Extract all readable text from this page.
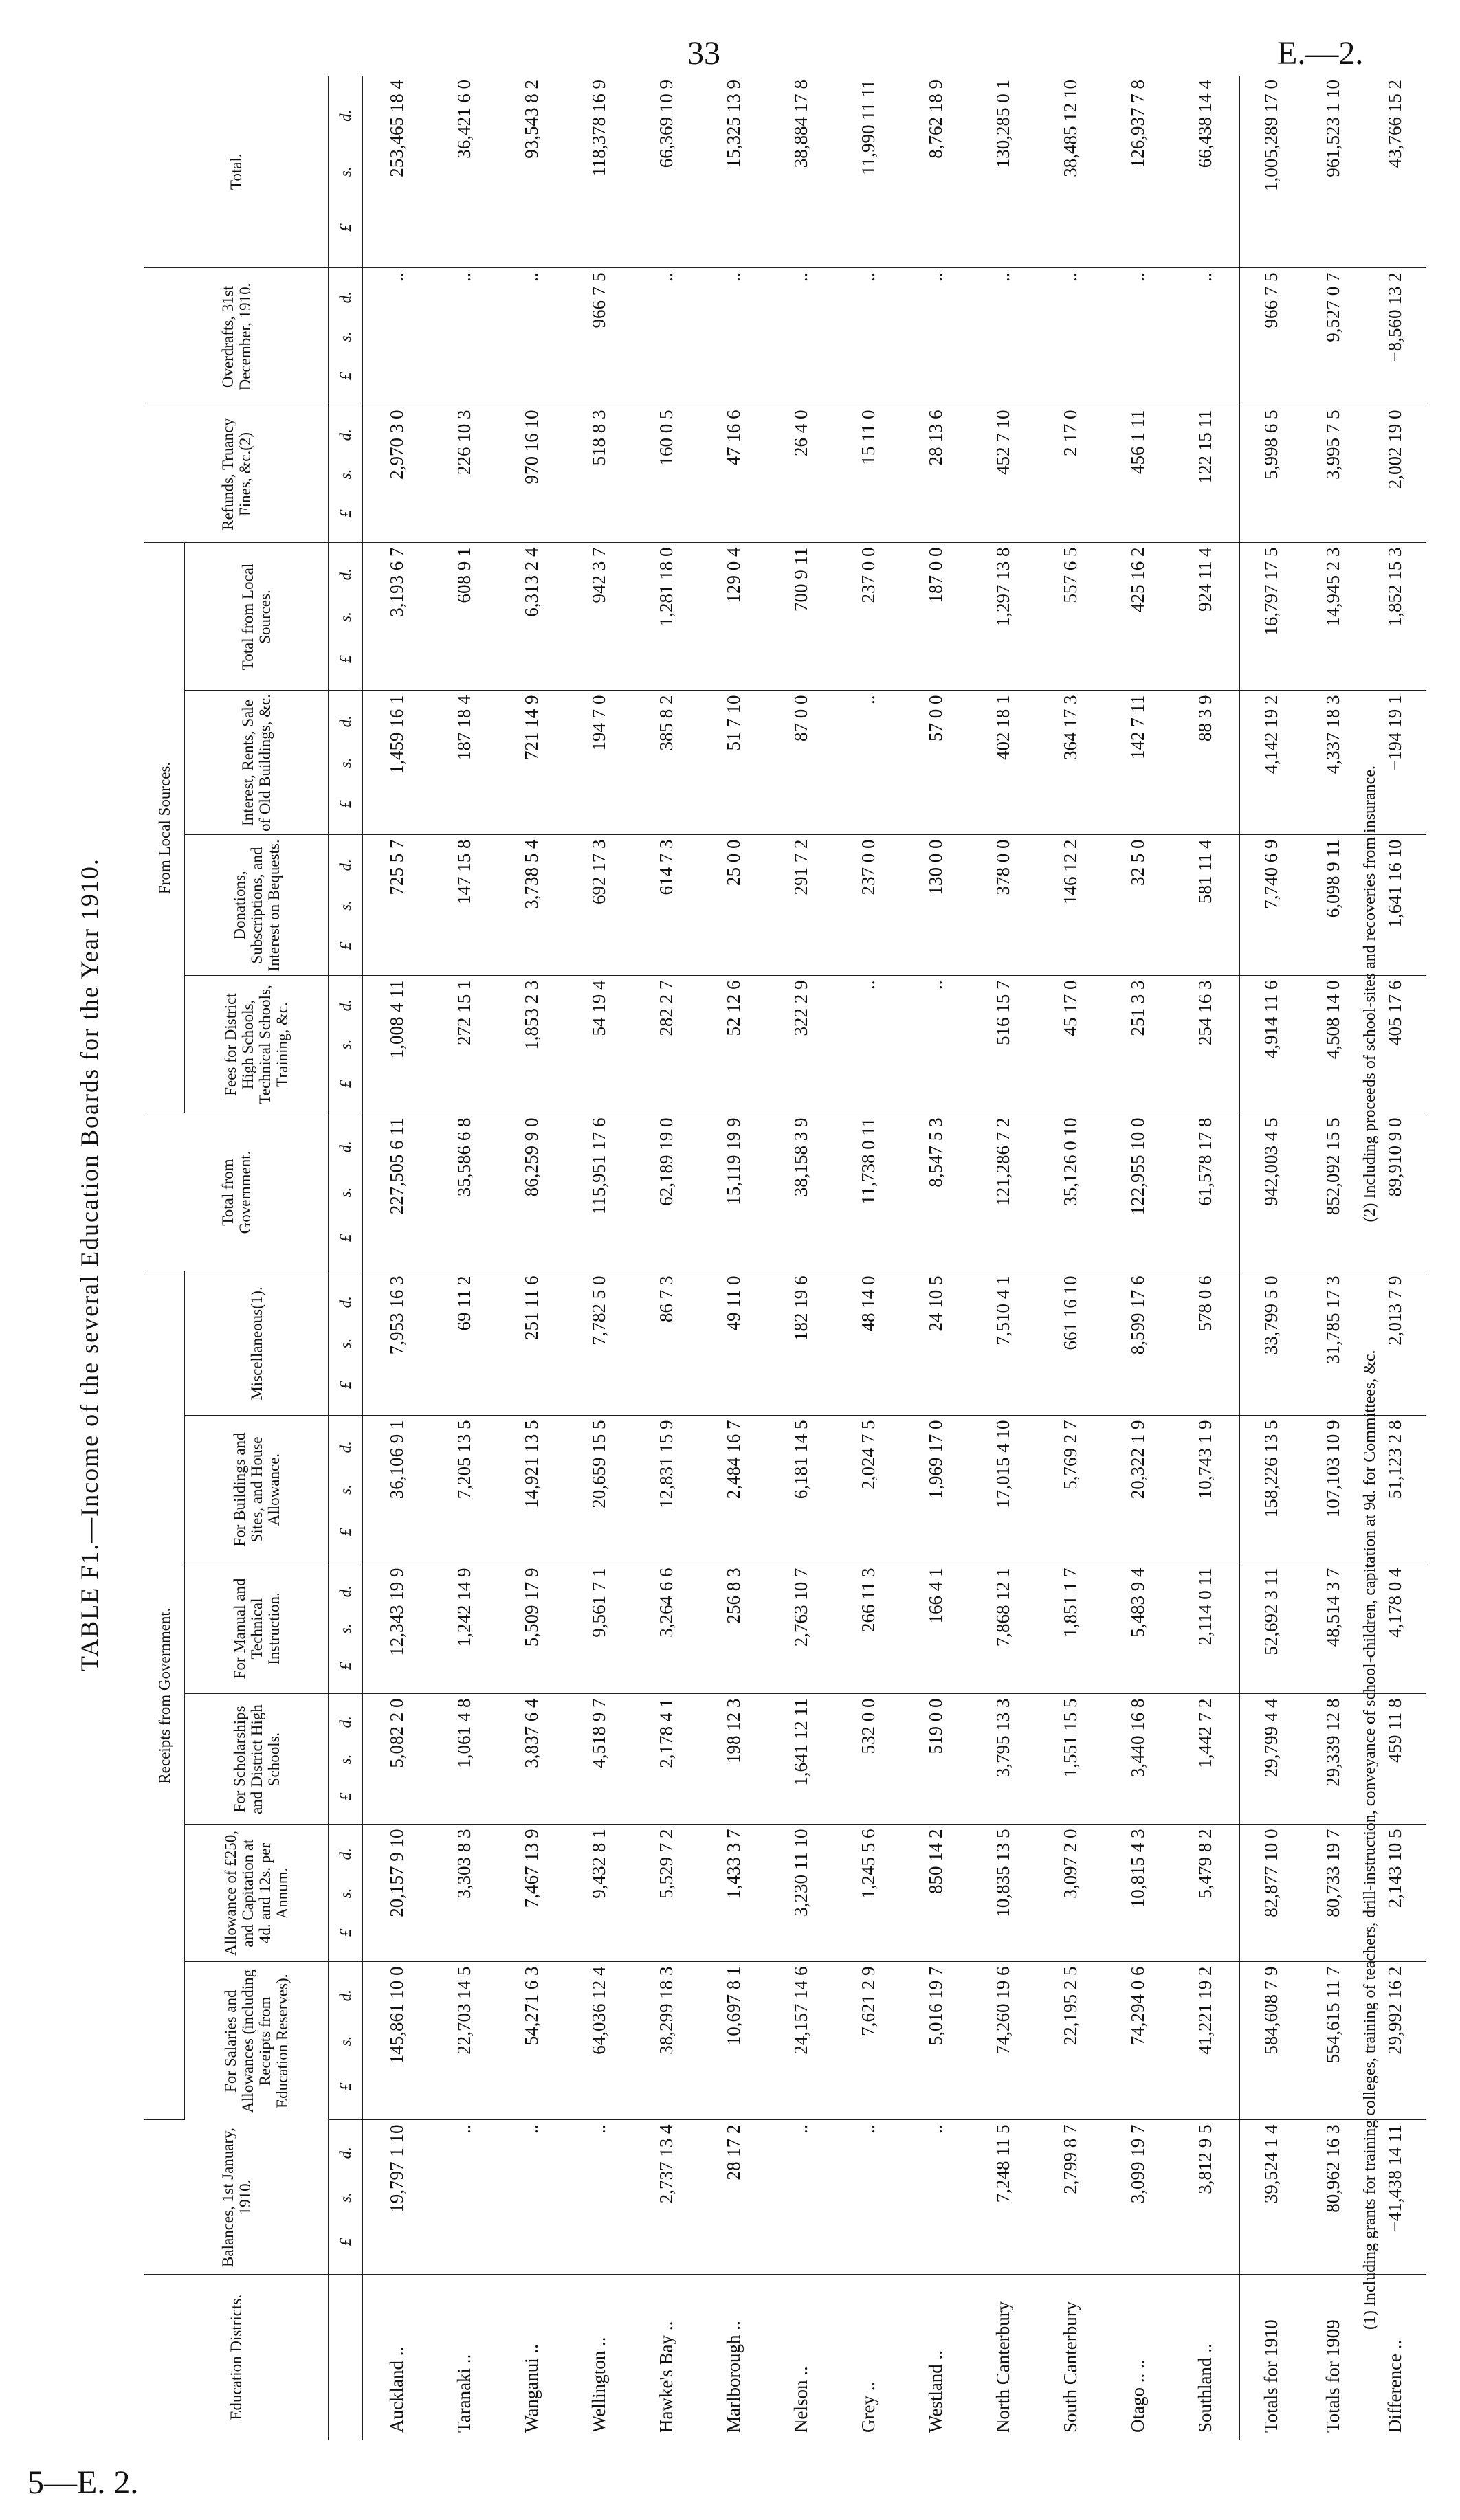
33	E.—2.
5—E. 2.
TABLE F1.—Income of the several Education Boards for the Year 1910.
Education Districts.	Balances, 1st January, 1910.	Receipts from Government.						Total from Government.	From Local Sources.				Refunds, Truancy Fines, &c.(2)	Overdrafts, 31st December, 1910.	Total.
		For Salaries and Allowances (including Receipts from Education Reserves).	Allowance of £250, and Capitation at 4d. and 12s. per Annum.	For Scholarships and District High Schools.	For Manual and Technical Instruction.	For Buildings and Sites, and House Allowance.	Miscellaneous(1).		Fees for District High Schools, Technical Schools, Training, &c.	Donations, Subscriptions, and Interest on Bequests.	Interest, Rents, Sale of Old Buildings, &c.	Total from Local Sources.			
	£s.d.	£s.d.	£s.d.	£s.d.	£s.d.	£s.d.	£s.d.	£s.d.	£s.d.	£s.d.	£s.d.	£s.d.	£s.d.	£s.d.	£s.d.
Auckland ..	19,797 1 10	145,861 10 0	20,157 9 10	5,082 2 0	12,343 19 9	36,106 9 1	7,953 16 3	227,505 6 11	1,008 4 11	725 5 7	1,459 16 1	3,193 6 7	2,970 3 0	..	253,465 18 4
Taranaki ..	..	22,703 14 5	3,303 8 3	1,061 4 8	1,242 14 9	7,205 13 5	69 11 2	35,586 6 8	272 15 1	147 15 8	187 18 4	608 9 1	226 10 3	..	36,421 6 0
Wanganui ..	..	54,271 6 3	7,467 13 9	3,837 6 4	5,509 17 9	14,921 13 5	251 11 6	86,259 9 0	1,853 2 3	3,738 5 4	721 14 9	6,313 2 4	970 16 10	..	93,543 8 2
Wellington ..	..	64,036 12 4	9,432 8 1	4,518 9 7	9,561 7 1	20,659 15 5	7,782 5 0	115,951 17 6	54 19 4	692 17 3	194 7 0	942 3 7	518 8 3	966 7 5	118,378 16 9
Hawke's Bay ..	2,737 13 4	38,299 18 3	5,529 7 2	2,178 4 1	3,264 6 6	12,831 15 9	86 7 3	62,189 19 0	282 2 7	614 7 3	385 8 2	1,281 18 0	160 0 5	..	66,369 10 9
Marlborough ..	28 17 2	10,697 8 1	1,433 3 7	198 12 3	256 8 3	2,484 16 7	49 11 0	15,119 19 9	52 12 6	25 0 0	51 7 10	129 0 4	47 16 6	..	15,325 13 9
Nelson ..	..	24,157 14 6	3,230 11 10	1,641 12 11	2,763 10 7	6,181 14 5	182 19 6	38,158 3 9	322 2 9	291 7 2	87 0 0	700 9 11	26 4 0	..	38,884 17 8
Grey ..	..	7,621 2 9	1,245 5 6	532 0 0	266 11 3	2,024 7 5	48 14 0	11,738 0 11	..	237 0 0	..	237 0 0	15 11 0	..	11,990 11 11
Westland ..	..	5,016 19 7	850 14 2	519 0 0	166 4 1	1,969 17 0	24 10 5	8,547 5 3	..	130 0 0	57 0 0	187 0 0	28 13 6	..	8,762 18 9
North Canterbury	7,248 11 5	74,260 19 6	10,835 13 5	3,795 13 3	7,868 12 1	17,015 4 10	7,510 4 1	121,286 7 2	516 15 7	378 0 0	402 18 1	1,297 13 8	452 7 10	..	130,285 0 1
South Canterbury	2,799 8 7	22,195 2 5	3,097 2 0	1,551 15 5	1,851 1 7	5,769 2 7	661 16 10	35,126 0 10	45 17 0	146 12 2	364 17 3	557 6 5	2 17 0	..	38,485 12 10
Otago .. ..	3,099 19 7	74,294 0 6	10,815 4 3	3,440 16 8	5,483 9 4	20,322 1 9	8,599 17 6	122,955 10 0	251 3 3	32 5 0	142 7 11	425 16 2	456 1 11	..	126,937 7 8
Southland ..	3,812 9 5	41,221 19 2	5,479 8 2	1,442 7 2	2,114 0 11	10,743 1 9	578 0 6	61,578 17 8	254 16 3	581 11 4	88 3 9	924 11 4	122 15 11	..	66,438 14 4
Totals for 1910	39,524 1 4	584,608 7 9	82,877 10 0	29,799 4 4	52,692 3 11	158,226 13 5	33,799 5 0	942,003 4 5	4,914 11 6	7,740 6 9	4,142 19 2	16,797 17 5	5,998 6 5	966 7 5	1,005,289 17 0
Totals for 1909	80,962 16 3	554,615 11 7	80,733 19 7	29,339 12 8	48,514 3 7	107,103 10 9	31,785 17 3	852,092 15 5	4,508 14 0	6,098 9 11	4,337 18 3	14,945 2 3	3,995 7 5	9,527 0 7	961,523 1 10
Difference ..	−41,438 14 11	29,992 16 2	2,143 10 5	459 11 8	4,178 0 4	51,123 2 8	2,013 7 9	89,910 9 0	405 17 6	1,641 16 10	−194 19 1	1,852 15 3	2,002 19 0	−8,560 13 2	43,766 15 2
(1) Including grants for training colleges, training of teachers, drill-instruction, conveyance of school-children, capitation at 9d. for Committees, &c. (2) Including proceeds of school-sites and recoveries from insurance.
